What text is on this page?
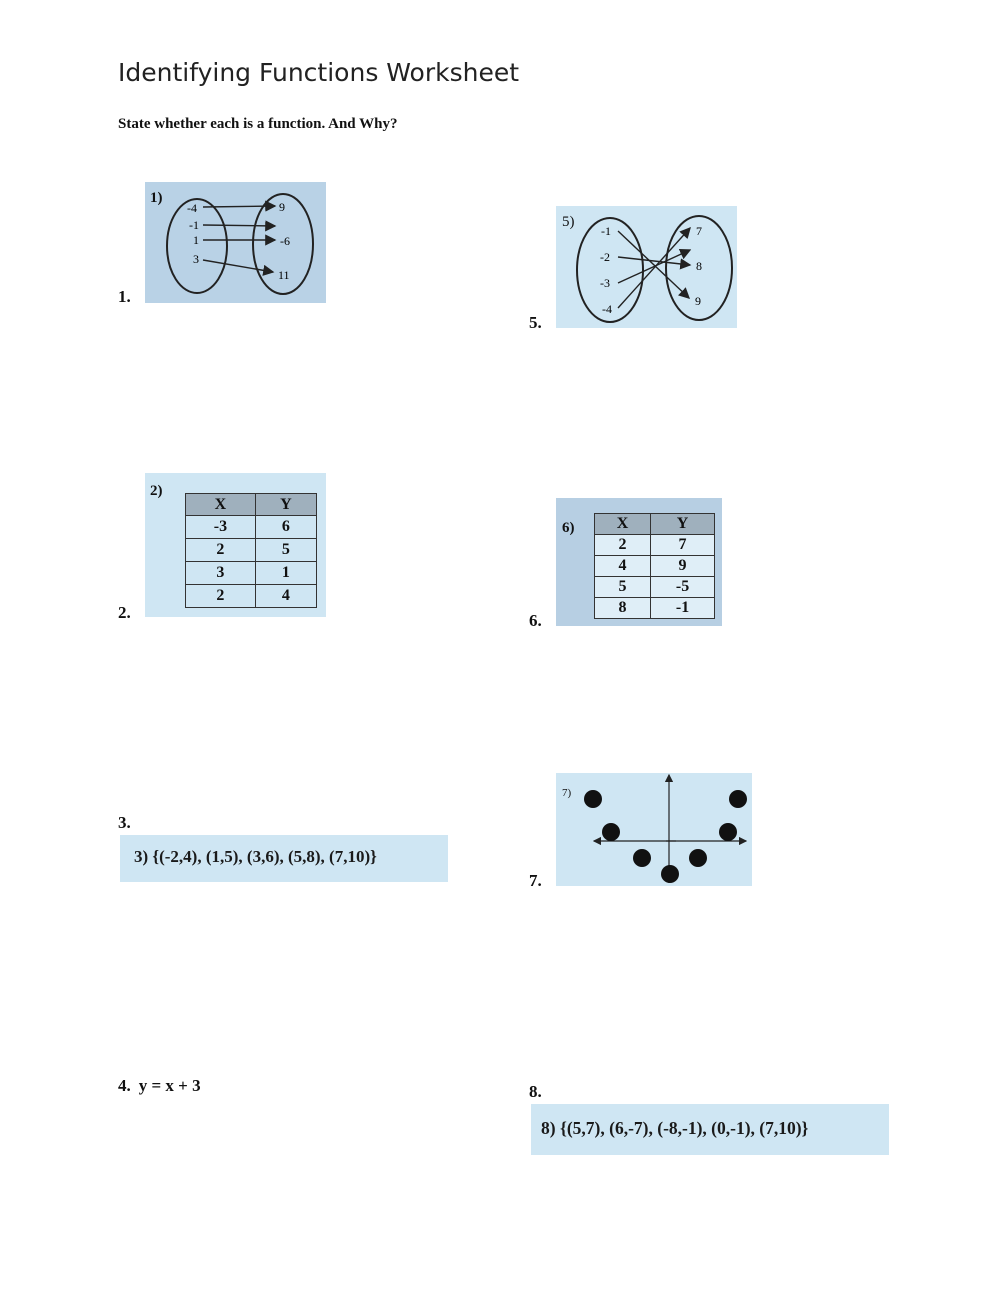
Identifying Functions Worksheet
State whether each is a function. And Why?
1.
1)
-4
-1
1
3
9
-6
11
5.
5)
-1
-2
-3
-4
7
8
9
2.
2)
X	Y
-3	6
2	5
3	1
2	4
6.
6)	X	Y
2	7
4	9
5	-5
8	-1
3.
3) {(-2,4), (1,5), (3,6), (5,8), (7,10)}
7.
7)
4. y = x + 3	8.
8) {(5,7), (6,-7), (-8,-1), (0,-1), (7,10)}
